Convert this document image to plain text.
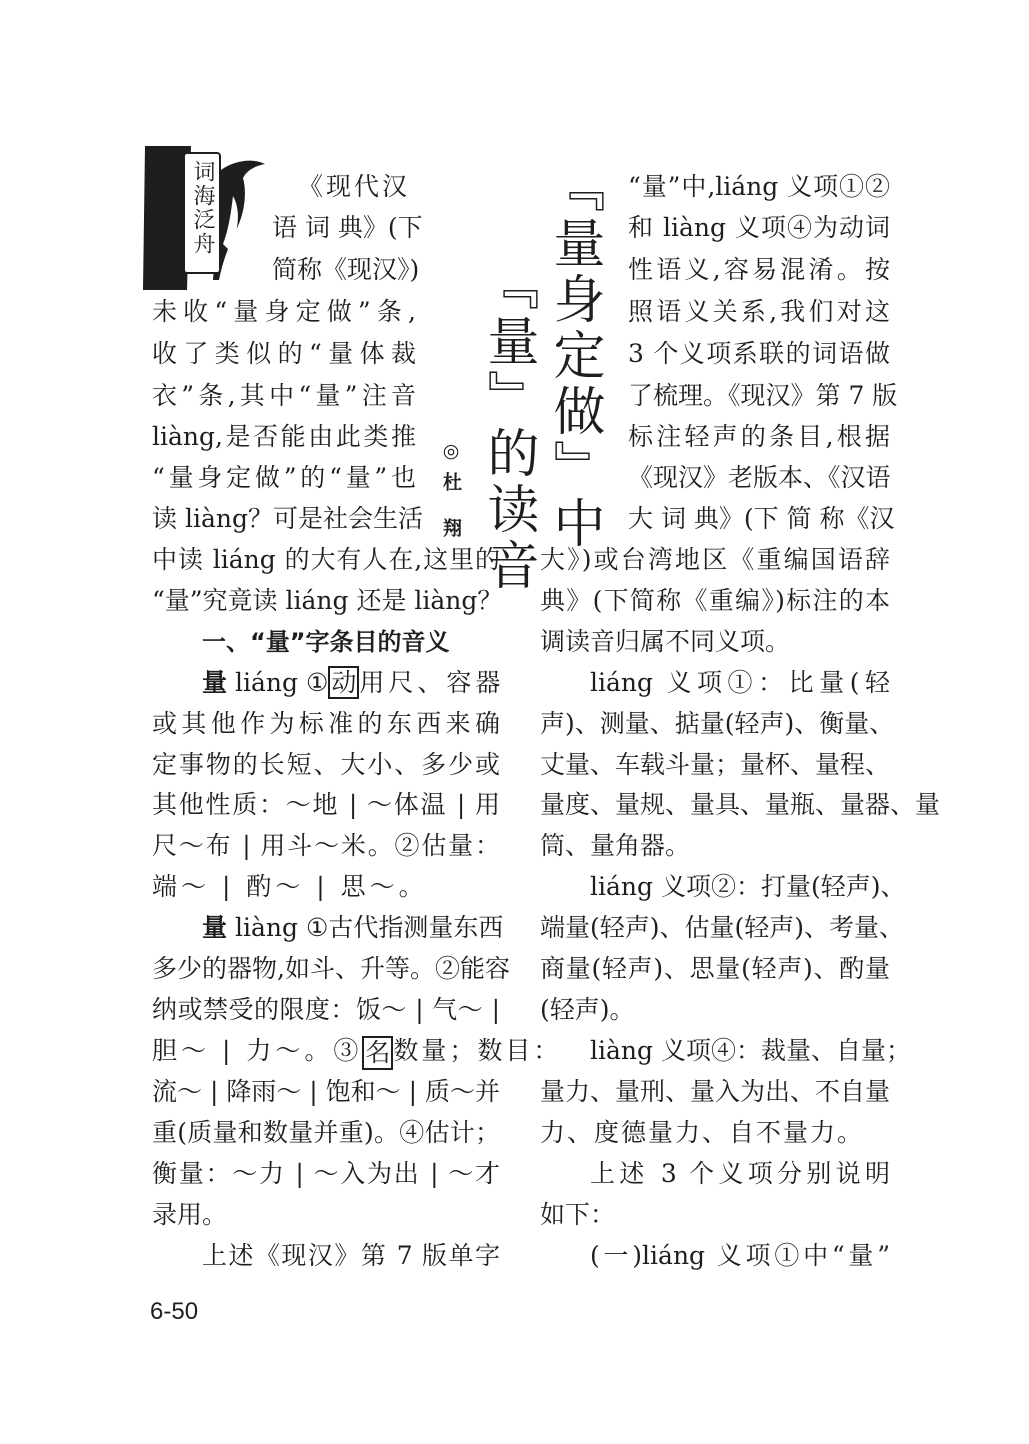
词海泛舟	『量身定做』中
『量』的读音
◎杜 翔
《现代汉
语 词 典》(下
简称《现汉》)
未收“量身定做”条,
收了类似的“量体裁
衣”条,其中“量”注音
liàng,是否能由此类推
“量身定做”的“量”也
读 liàng？可是社会生活
中读 liáng 的大有人在,这里的
“量”究竟读 liáng 还是 liàng？
一、“量”字条目的音义
量 liáng ① 动 用尺、容器
或其他作为标准的东西来确
定事物的长短、大小、多少或
其他性质：～地 | ～体温 | 用
尺～布 | 用斗～米。②估量：
端～ | 酌～ | 思～。
量 liàng ①古代指测量东西
多少的器物,如斗、升等。②能容
纳或禁受的限度：饭～ | 气～ |
胆～ | 力～。③ 名 数量；数目：
流～ | 降雨～ | 饱和～ | 质～并
重(质量和数量并重)。④估计；
衡量：～力 | ～入为出 | ～才
录用。
上述《现汉》第 7 版单字
“量”中,liáng 义项①②
和 liàng 义项④为动词
性语义,容易混淆。按
照语义关系,我们对这
3 个义项系联的词语做
了梳理。《现汉》第 7 版
标注轻声的条目,根据
《现汉》老版本、《汉语
大 词 典》(下 简 称《汉
大》)或台湾地区《重编国语辞
典》(下简称《重编》)标注的本
调读音归属不同义项。
liáng 义项①：比量(轻
声)、测量、掂量(轻声)、衡量、
丈量、车载斗量；量杯、量程、
量度、量规、量具、量瓶、量器、量
筒、量角器。
liáng 义项②：打量(轻声)、
端量(轻声)、估量(轻声)、考量、
商量(轻声)、思量(轻声)、酌量
(轻声)。
liàng 义项④：裁量、自量；
量力、量刑、量入为出、不自量
力、度德量力、自不量力。
上述 3 个义项分别说明
如下：
(一)liáng 义项①中“量”
6-50
